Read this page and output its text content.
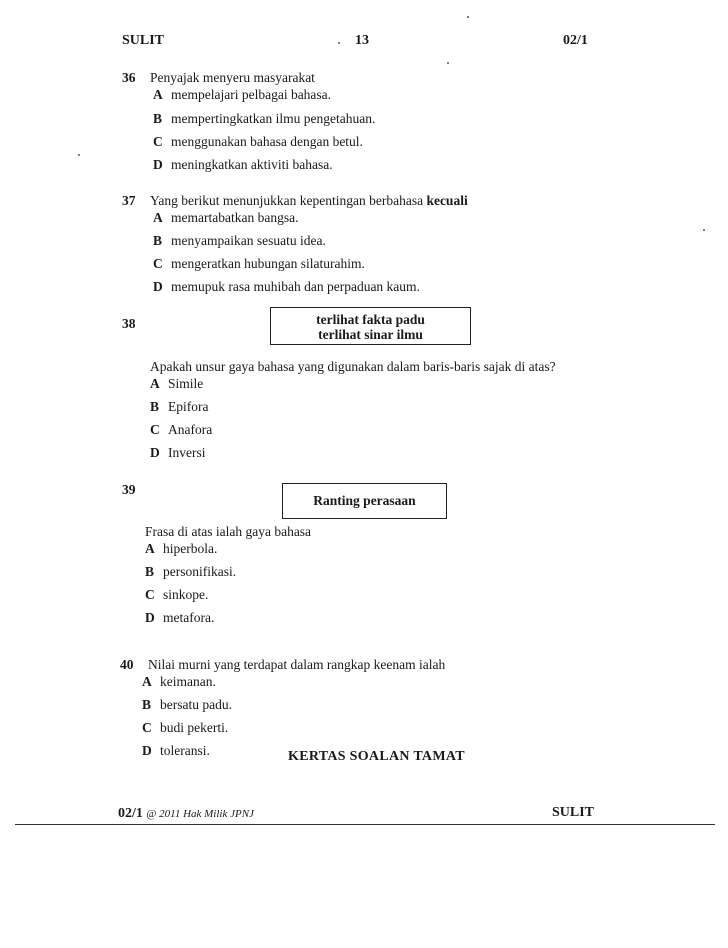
SULIT	13	02/1
36 Penyajak menyeru masyarakat
A mempelajari pelbagai bahasa.
B mempertingkatkan ilmu pengetahuan.
C menggunakan bahasa dengan betul.
D meningkatkan aktiviti bahasa.
37 Yang berikut menunjukkan kepentingan berbahasa kecuali
A memartabatkan bangsa.
B menyampaikan sesuatu idea.
C mengeratkan hubungan silaturahim.
D memupuk rasa muhibah dan perpaduan kaum.
38	terlihat fakta padu
terlihat sinar ilmu
Apakah unsur gaya bahasa yang digunakan dalam baris-baris sajak di atas?
A Simile
B Epifora
C Anafora
D Inversi
39
Ranting perasaan
Frasa di atas ialah gaya bahasa
A hiperbola.
B personifikasi.
C sinkope.
D metafora.
40 Nilai murni yang terdapat dalam rangkap keenam ialah
A keimanan.
B bersatu padu.
C budi pekerti.
D toleransi.	KERTAS SOALAN TAMAT
02/1 @ 2011 Hak Milik JPNJ	SULIT
